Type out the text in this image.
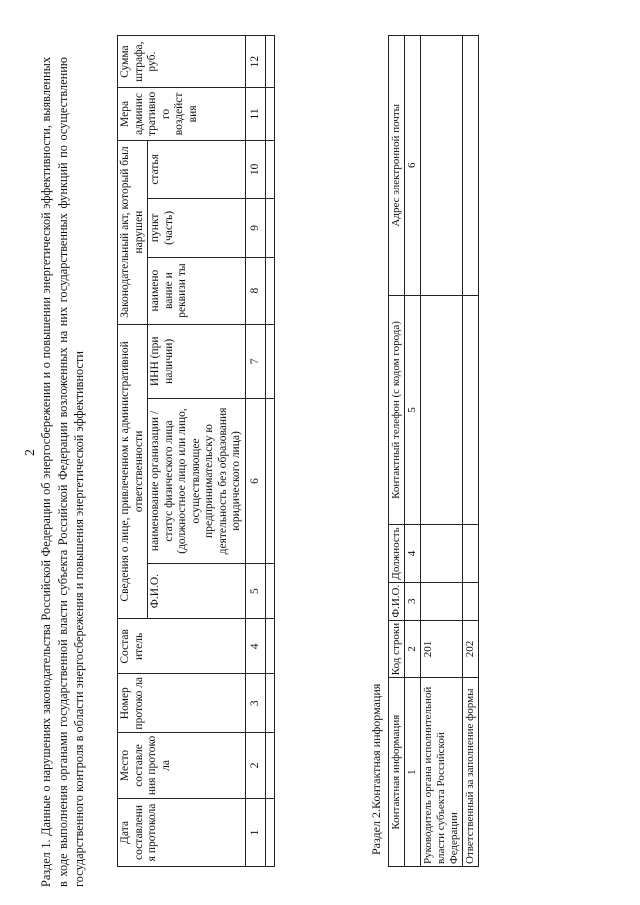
2 Раздел 1. Данные о нарушениях законодательства Российской Федерации об энергосбережении и о повышении энергетической эффективности, выявленных в ходе выполнения органами государственной власти субъекта Российской Федерации возложенных на них государственных функций по осуществлению государственного контроля в области энергосбережения и повышения энергетической эффективности	Дата составлени я протокола	Место составле ния протоко ла	Номер протоко ла	Состав итель	Сведения о лице, привлеченном к административной ответственности			Законодательный акт, который был нарушен			Мера админис тративно го воздейст вия	Сумма штрафа, руб.
				Ф.И.О.	наименование организации / статус физического лица (должностное лицо или лицо, осуществляющее предпринимательску ю деятельность без образования юридического лица)	ИНН (при наличии)	наимено вание и реквизи ты	пункт (часть)	статья		
1	2	3	4	5	6	7	8	9	10	11	12

Раздел 2.Контактная информация Контактная информация	Код строки	Ф.И.О.	Должность	Контактный телефон (с кодом города)	Адрес электронной почты
1	2	3	4	5	6
Руководитель органа исполнительной власти субъекта Российской Федерации	201				
Ответственный за заполнение формы	202				
